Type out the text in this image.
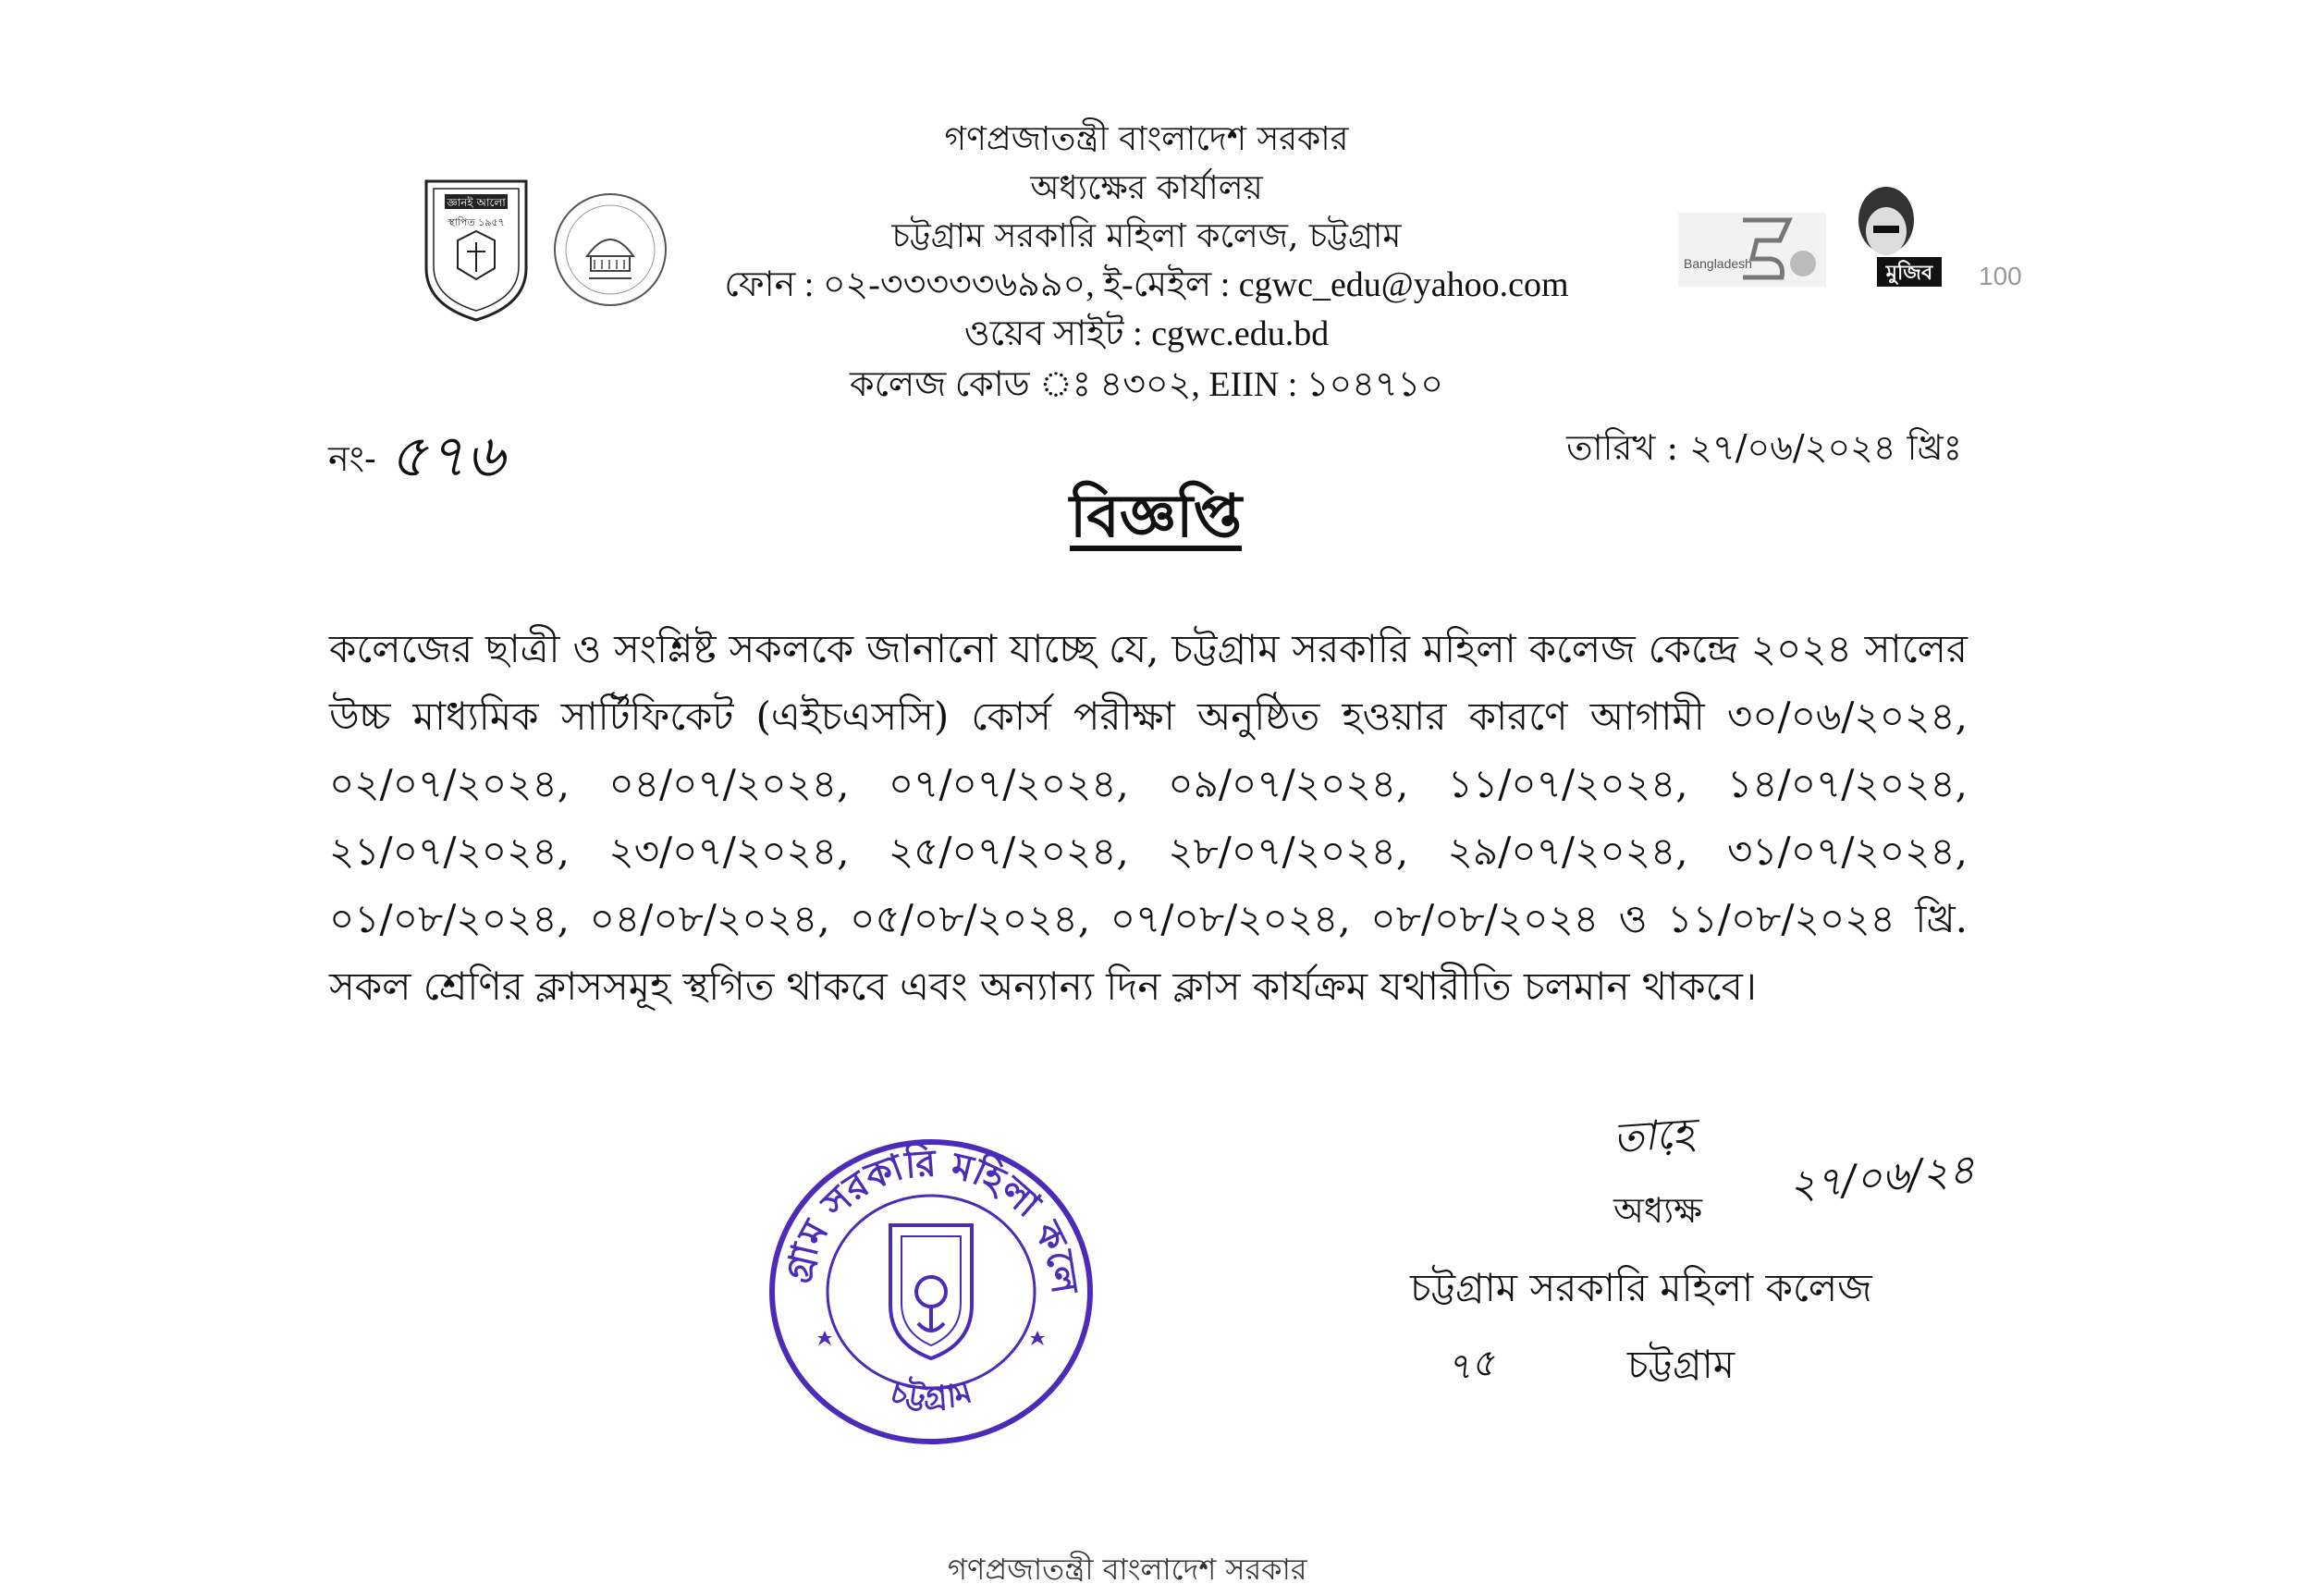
জ্ঞানই আলো
স্থাপিত ১৯৫৭
গণপ্রজাতন্ত্রী বাংলাদেশ সরকার
অধ্যক্ষের কার্যালয়
চট্টগ্রাম সরকারি মহিলা কলেজ, চট্টগ্রাম
ফোন : ০২-৩৩৩৩৩৬৯৯০, ই-মেইল : cgwc_edu@yahoo.com
ওয়েব সাইট : cgwc.edu.bd
কলেজ কোড ঃ ৪৩০২, EIIN : ১০৪৭১০
Bangladesh	মুজিব 100
নং- ৫৭৬	তারিখ : ২৭/০৬/২০২৪ খ্রিঃ
বিজ্ঞপ্তি
কলেজের ছাত্রী ও সংশ্লিষ্ট সকলকে জানানো যাচ্ছে যে, চট্টগ্রাম সরকারি মহিলা কলেজ কেন্দ্রে ২০২৪ সালের উচ্চ মাধ্যমিক সার্টিফিকেট (এইচএসসি) কোর্স পরীক্ষা অনুষ্ঠিত হওয়ার কারণে আগামী ৩০/০৬/২০২৪, ০২/০৭/২০২৪, ০৪/০৭/২০২৪, ০৭/০৭/২০২৪, ০৯/০৭/২০২৪, ১১/০৭/২০২৪, ১৪/০৭/২০২৪, ২১/০৭/২০২৪, ২৩/০৭/২০২৪, ২৫/০৭/২০২৪, ২৮/০৭/২০২৪, ২৯/০৭/২০২৪, ৩১/০৭/২০২৪, ০১/০৮/২০২৪, ০৪/০৮/২০২৪, ০৫/০৮/২০২৪, ০৭/০৮/২০২৪, ০৮/০৮/২০২৪ ও ১১/০৮/২০২৪ খ্রি. সকল শ্রেণির ক্লাসসমূহ স্থগিত থাকবে এবং অন্যান্য দিন ক্লাস কার্যক্রম যথারীতি চলমান থাকবে।
গ্রাম সরকারি মহিলা কলে
চট্টগ্রাম
তা়হে
২৭/০৬/২৪
অধ্যক্ষ
চট্টগ্রাম সরকারি মহিলা কলেজ
৭৫	চট্টগ্রাম
গণপ্রজাতন্ত্রী বাংলাদেশ সরকার
